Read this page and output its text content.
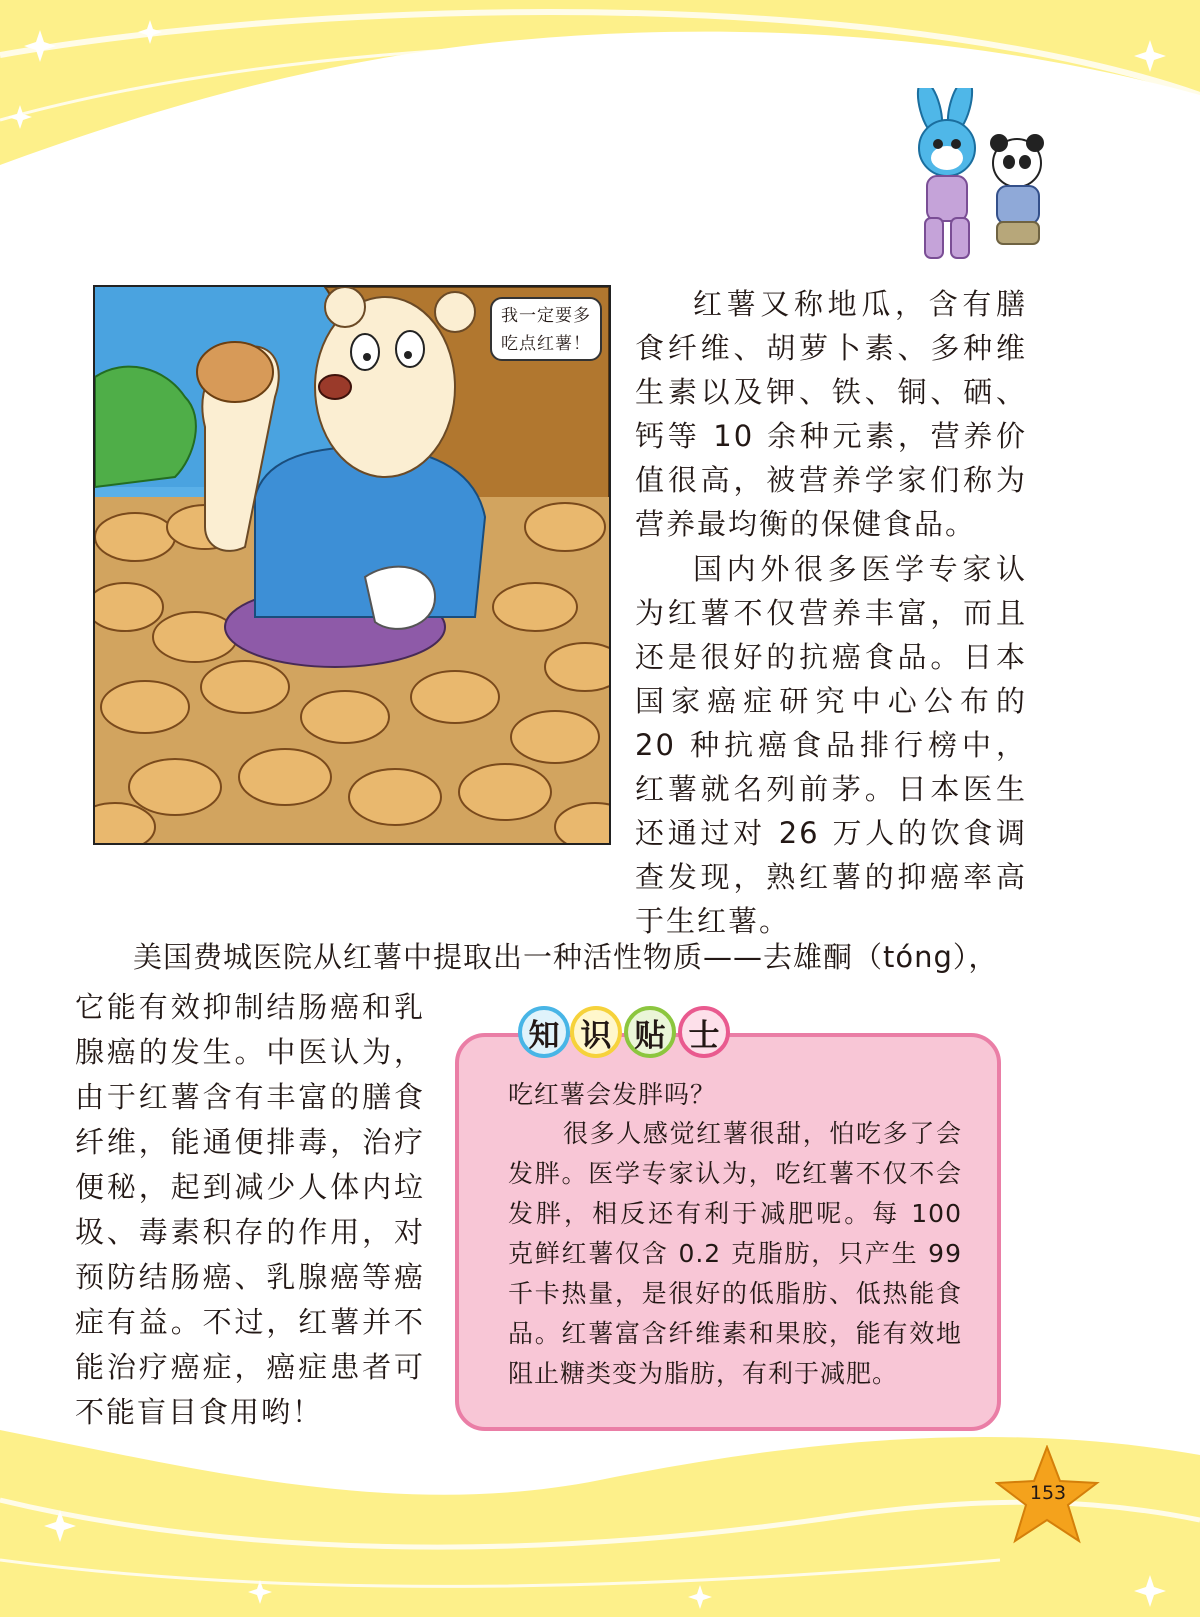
我一定要多
吃点红薯！

红薯又称地瓜，含有膳食纤维、胡萝卜素、多种维生素以及钾、铁、铜、硒、钙等 10 余种元素，营养价值很高，被营养学家们称为营养最均衡的保健食品。

国内外很多医学专家认为红薯不仅营养丰富，而且还是很好的抗癌食品。日本国家癌症研究中心公布的 20 种抗癌食品排行榜中，红薯就名列前茅。日本医生还通过对 26 万人的饮食调查发现，熟红薯的抑癌率高于生红薯。

美国费城医院从红薯中提取出一种活性物质——去雄酮（tóng），

它能有效抑制结肠癌和乳腺癌的发生。中医认为，由于红薯含有丰富的膳食纤维，能通便排毒，治疗便秘，起到减少人体内垃圾、毒素积存的作用，对预防结肠癌、乳腺癌等癌症有益。不过，红薯并不能治疗癌症，癌症患者可不能盲目食用哟！

知 识 贴 士
吃红薯会发胖吗？

很多人感觉红薯很甜，怕吃多了会发胖。医学专家认为，吃红薯不仅不会发胖，相反还有利于减肥呢。每 100 克鲜红薯仅含 0.2 克脂肪，只产生 99 千卡热量，是很好的低脂肪、低热能食品。红薯富含纤维素和果胶，能有效地阻止糖类变为脂肪，有利于减肥。

153
